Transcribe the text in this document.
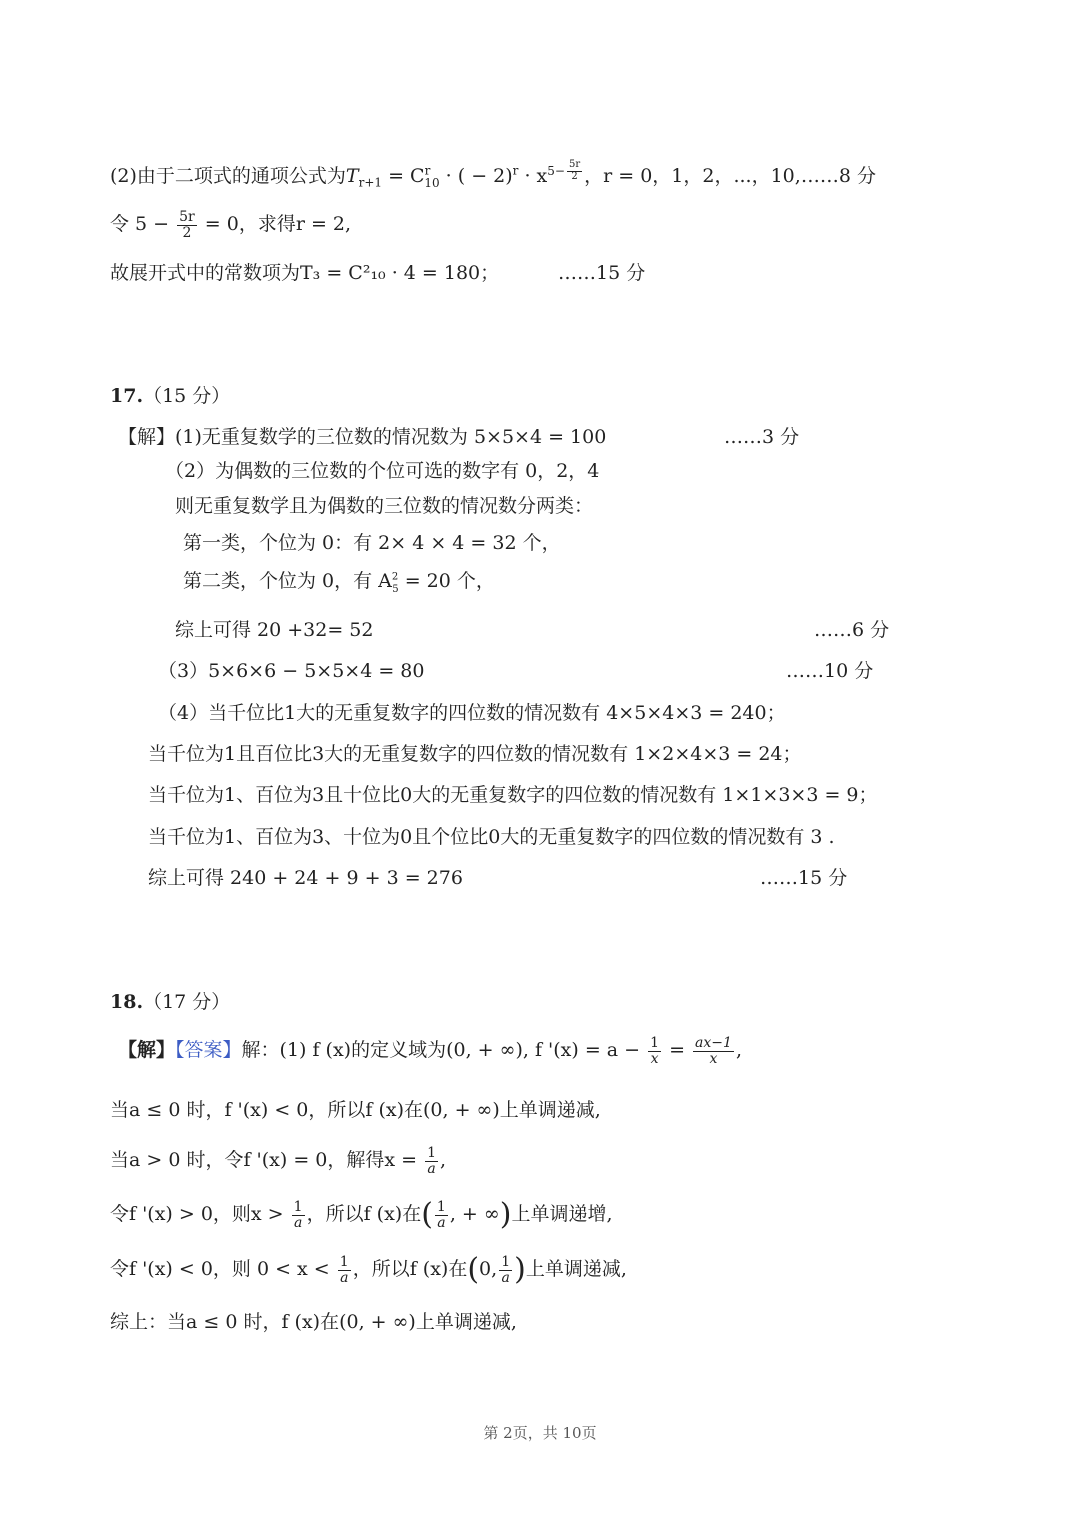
(2)由于二项式的通项公式为$T_{r+1} = C^r_{10}$ · ( − $2)^r \cdot x^{5- \frac{5r}{2}}$ ，r = 0，1，2，...，10,……8 分
令 $5 - \frac{5r}{2} = 0$，求得r = 2,
故展开式中的常数项为T₃ = C²₁₀ · 4 = 180；	……15 分
17.（15 分）
【解】(1)无重复数学的三位数的情况数为 5×5×4 = 100	……3 分
（2）为偶数的三位数的个位可选的数字有 0，2，4
则无重复数学且为偶数的三位数的情况数分两类：
第一类，个位为 0：有 2× 4 × 4 = 32 个，
第二类，个位为 0，有 $A^2_5 = 20$ 个，
综上可得 20 +32= 52	……6 分
（3）5×6×6 − 5×5×4 = 80	……10 分
（4）当千位比1大的无重复数字的四位数的情况数有 4×5×4×3 = 240；
当千位为1且百位比3大的无重复数字的四位数的情况数有 1×2×4×3 = 24；
当千位为1、百位为3且十位比0大的无重复数字的四位数的情况数有 1×1×3×3 = 9；
当千位为1、百位为3、十位为0且个位比0大的无重复数字的四位数的情况数有 3 .
综上可得 240 + 24 + 9 + 3 = 276	……15 分
18.（17 分）
【解】【答案】解：(1) f (x)的定义域为(0, + ∞), f '$(x) = a - \frac{1}{x} = \frac{ax-1}{x}$ ,
当a ≤ 0 时，f '(x) < 0，所以f (x)在(0, + ∞)上单调递减,
当a > 0 时，令f '(x) = 0，解得$x = \frac{1}{a}$ ,
令f '(x) > 0，则$x > \frac{1}{a}$ ，所以f (x)在( $\frac{1}{a}$ , + ∞)上单调递增,
令f '(x) < 0，则 $0 < x < \frac{1}{a}$ ，所以f (x)在(0, $\frac{1}{a}$ )上单调递减,
综上：当a ≤ 0 时，f (x)在(0, + ∞)上单调递减,
第 2页，共 10页
